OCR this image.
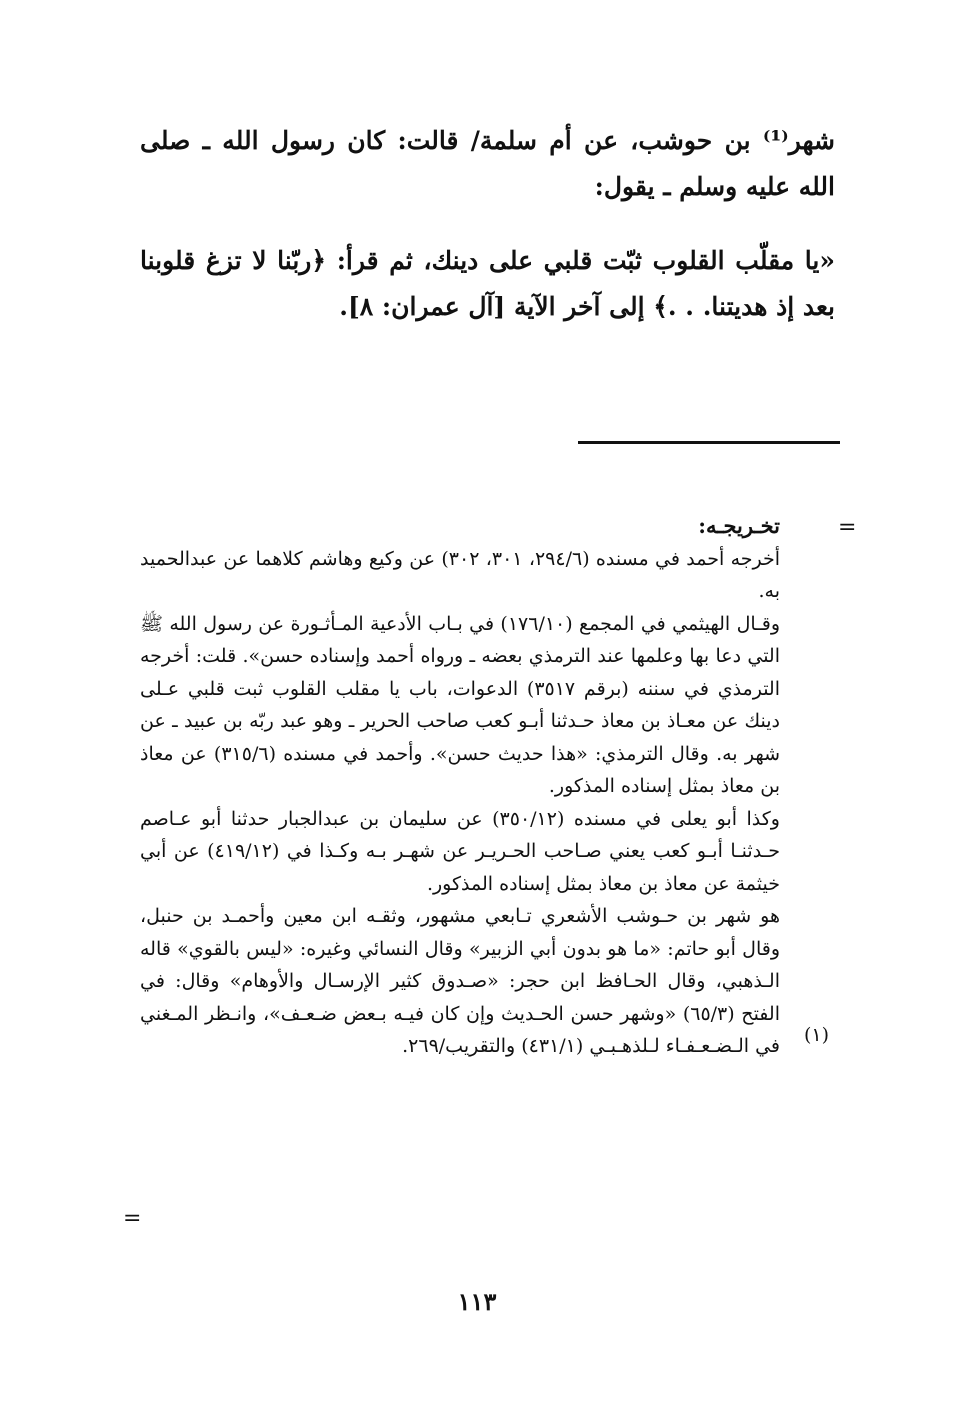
شهر⁽¹⁾ بن حوشب، عن أم سلمة/ قالت: كان رسول الله ـ صلى الله عليه وسلم ـ يقول:

«يا مقلّب القلوب ثبّت قلبي على دينك، ثم قرأ: ﴿ربّنا لا تزغ قلوبنا بعد إذ هديتنا. . .﴾ إلى آخر الآية [آل عمران: ٨].

=

تخـريجـه:

أخرجه أحمد في مسنده (٢٩٤/٦، ٣٠١، ٣٠٢) عن وكيع وهاشم كلاهما عن عبدالحميد به.

وقـال الهيثمي في المجمع (١٧٦/١٠) في بـاب الأدعية المـأثـورة عن رسول الله ﷺ التي دعا بها وعلمها عند الترمذي بعضه ـ ورواه أحمد وإسناده حسن». قلت: أخرجه الترمذي في سننه (برقم ٣٥١٧) الدعوات، باب يا مقلب القلوب ثبت قلبي عـلى دينك عن معـاذ بن معاذ حـدثنا أبـو كعب صاحب الحرير ـ وهو عبد ربّه بن عبيد ـ عن شهر به. وقال الترمذي: «هذا حديث حسن». وأحمد في مسنده (٣١٥/٦) عن معاذ بن معاذ بمثل إسناده المذكور.

وكذا أبو يعلى في مسنده (٣٥٠/١٢) عن سليمان بن عبدالجبار حدثنا أبو عـاصم حـدثنـا أبـو كعب يعني صـاحب الحـريـر عن شهـر بـه وكـذا في (٤١٩/١٢) عن أبي خيثمة عن معاذ بن معاذ بمثل إسناده المذكور.

هو شهر بن حـوشب الأشعري تـابعي مشهور، وثقـه ابن معين وأحمـد بن حنبل، وقال أبو حاتم: «ما هو بدون أبي الزبير» وقال النسائي وغيره: «ليس بالقوي» قاله الـذهبي، وقال الحـافظ ابن حجر: «صـدوق كثير الإرسـال والأوهام» وقال: في الفتح (٦٥/٣) «وشهر حسن الحـديث وإن كان فيـه بـعض ضـعـف»، وانـظر المـغني في الـضـعـفـاء لـلذهـبـي (٤٣١/١) والتقريب/٢٦٩. (١)
=
١١٣
